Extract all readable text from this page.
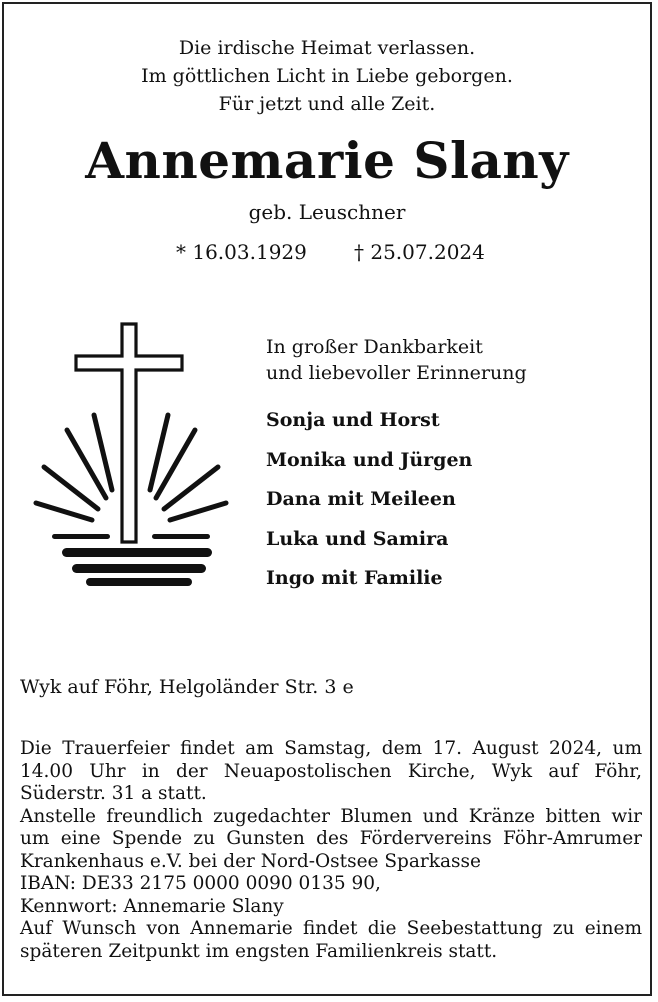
Die irdische Heimat verlassen.
Im göttlichen Licht in Liebe geborgen.
Für jetzt und alle Zeit.
Annemarie Slany
geb. Leuschner
* 16.03.1929 † 25.07.2024
In großer Dankbarkeit
und liebevoller Erinnerung
Sonja und Horst
Monika und Jürgen
Dana mit Meileen
Luka und Samira
Ingo mit Familie
Wyk auf Föhr, Helgoländer Str. 3 e

Die Trauerfeier findet am Samstag, dem 17. August 2024, um 14.00 Uhr in der Neuapostolischen Kirche, Wyk auf Föhr, Süderstr. 31 a statt.

Anstelle freundlich zugedachter Blumen und Kränze bitten wir um eine Spende zu Gunsten des Fördervereins Föhr-Amrumer Krankenhaus e.V. bei der Nord-Ostsee Sparkasse

IBAN: DE33 2175 0000 0090 0135 90,

Kennwort: Annemarie Slany

Auf Wunsch von Annemarie findet die Seebestattung zu einem späteren Zeitpunkt im engsten Familienkreis statt.
